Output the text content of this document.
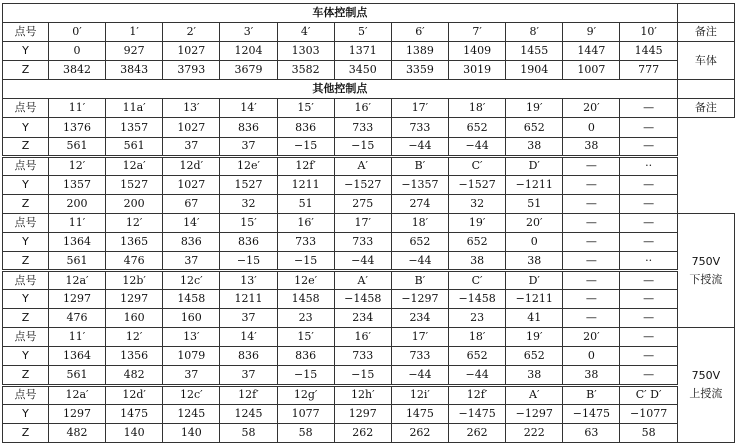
车体控制点												
点号	0′	1′	2′	3′	4′	5′	6′	7′	8′	9′	10′	备注
Y	0	927	1027	1204	1303	1371	1389	1409	1455	1447	1445	车体
Z	3842	3843	3793	3679	3582	3450	3359	3019	1904	1007	777	
其他控制点												
点号	11′	11a′	13′	14′	15′	16′	17′	18′	19′	20′	—	备注
Y	1376	1357	1027	836	836	733	733	652	652	0	—	
Z	561	561	37	37	−15	−15	−44	−44	38	38	—	
点号	12′	12a′	12d′	12e′	12f′	A′	B′	C′	D′	—	··	
Y	1357	1527	1027	1527	1211	−1527	−1357	−1527	−1211	—	—	
Z	200	200	67	32	51	275	274	32	51	—	—	
点号	11′	12′	14′	15′	16′	17′	18′	19′	20′	—	—	750V
下授流

Y	1364	1365	836	836	733	733	652	652	0	—	—	
Z	561	476	37	−15	−15	−44	−44	38	38	—	··	
点号	12a′	12b′	12c′	13′	12e′	A′	B′	C′	D′	—	—	
Y	1297	1297	1458	1211	1458	−1458	−1297	−1458	−1211	—	—	
Z	476	160	160	37	23	234	234	23	41	—	—	
点号	11′	12′	13′	14′	15′	16′	17′	18′	19′	20′	—	750V
上授流

Y	1364	1356	1079	836	836	733	733	652	652	0	—	
Z	561	482	37	37	−15	−15	−44	−44	38	38	—	
点号	12a′	12d′	12c′	12f′	12g′	12h′	12i′	12f′	A′	B′	C′ D′	
Y	1297	1475	1245	1245	1077	1297	1475	−1475	−1297	−1475	−1077	
Z	482	140	140	58	58	262	262	262	222	63	58	
